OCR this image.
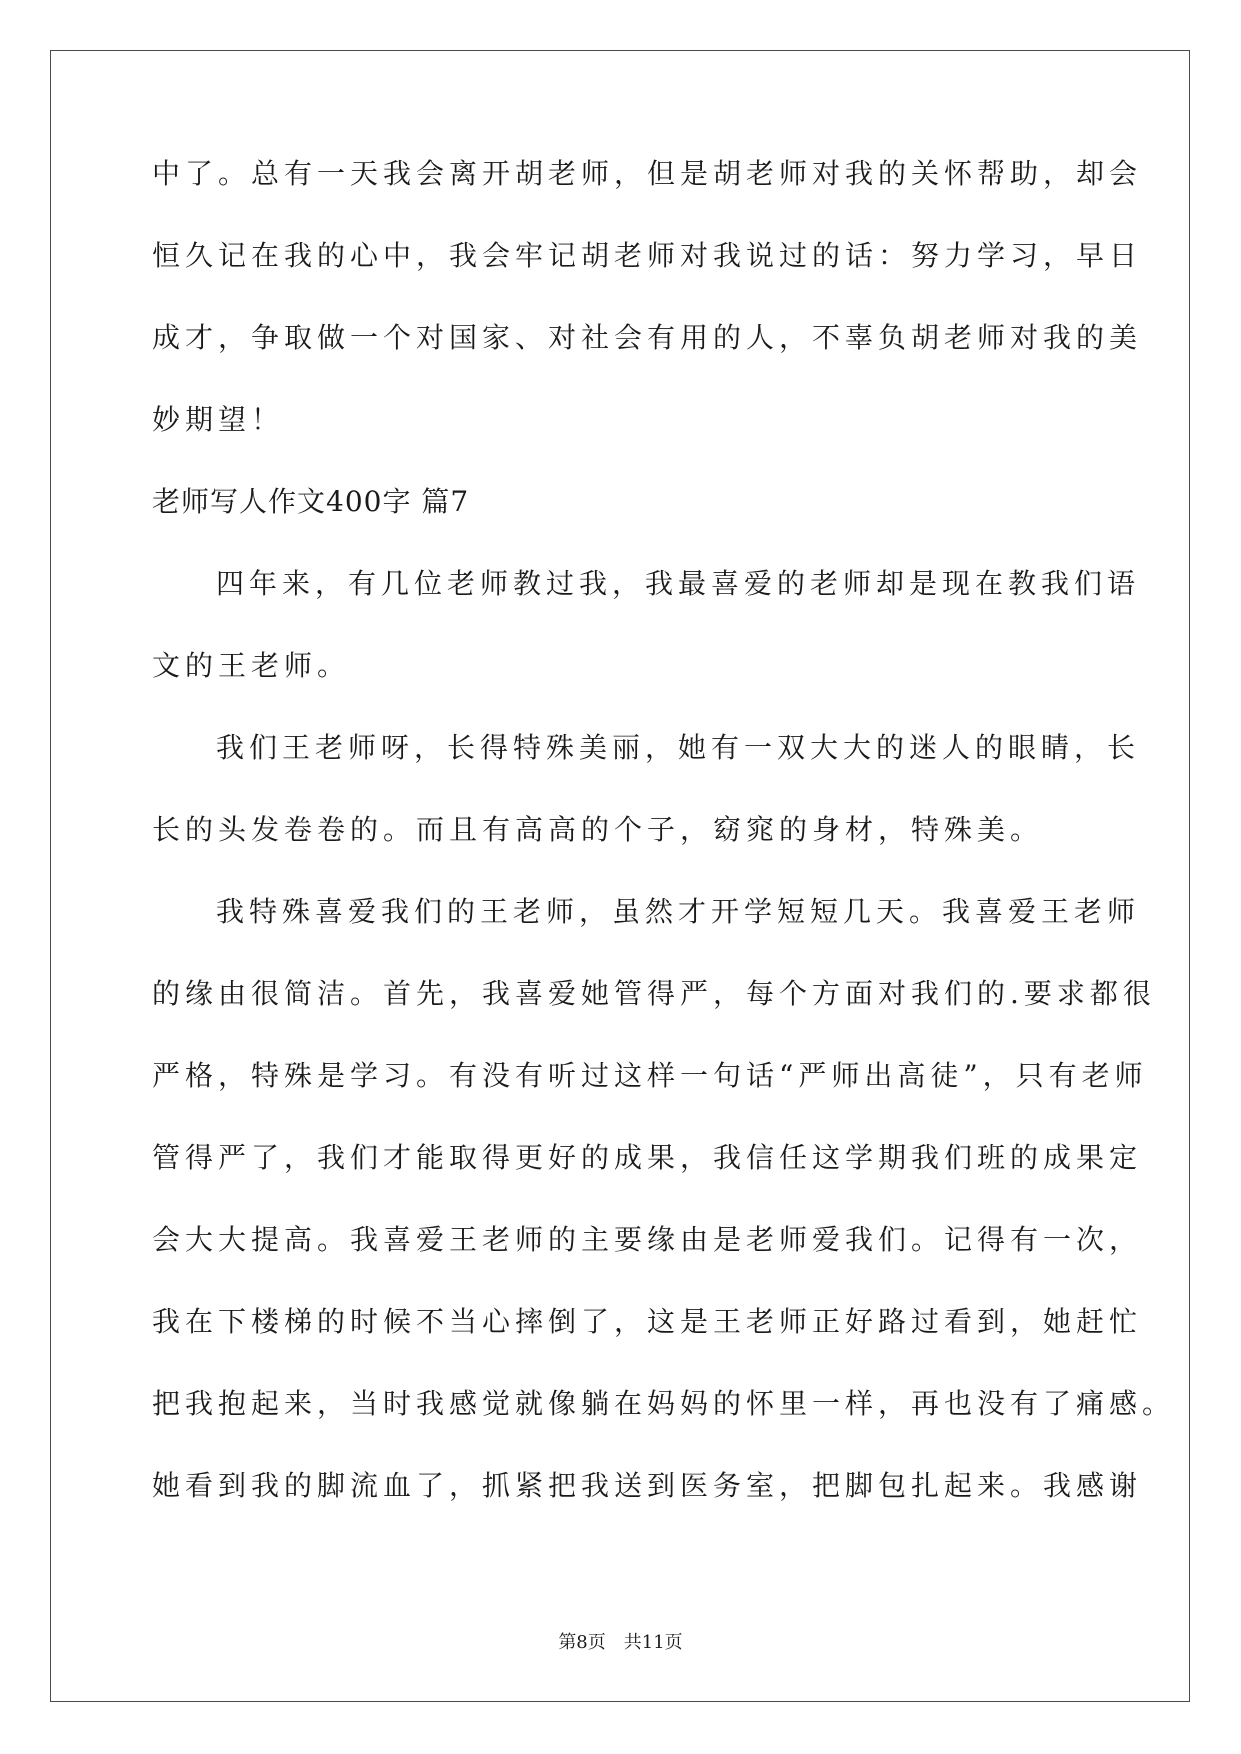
中了。总有一天我会离开胡老师，但是胡老师对我的关怀帮助，却会
恒久记在我的心中，我会牢记胡老师对我说过的话：努力学习，早日
成才，争取做一个对国家、对社会有用的人，不辜负胡老师对我的美
妙期望！
老师写人作文400字 篇7
四年来，有几位老师教过我，我最喜爱的老师却是现在教我们语
文的王老师。
我们王老师呀，长得特殊美丽，她有一双大大的迷人的眼睛，长
长的头发卷卷的。而且有高高的个子，窈窕的身材，特殊美。
我特殊喜爱我们的王老师，虽然才开学短短几天。我喜爱王老师
的缘由很简洁。首先，我喜爱她管得严，每个方面对我们的.要求都很
严格，特殊是学习。有没有听过这样一句话“严师出高徒”，只有老师
管得严了，我们才能取得更好的成果，我信任这学期我们班的成果定
会大大提高。我喜爱王老师的主要缘由是老师爱我们。记得有一次，
我在下楼梯的时候不当心摔倒了，这是王老师正好路过看到，她赶忙
把我抱起来，当时我感觉就像躺在妈妈的怀里一样，再也没有了痛感。
她看到我的脚流血了，抓紧把我送到医务室，把脚包扎起来。我感谢
第8页　共11页
